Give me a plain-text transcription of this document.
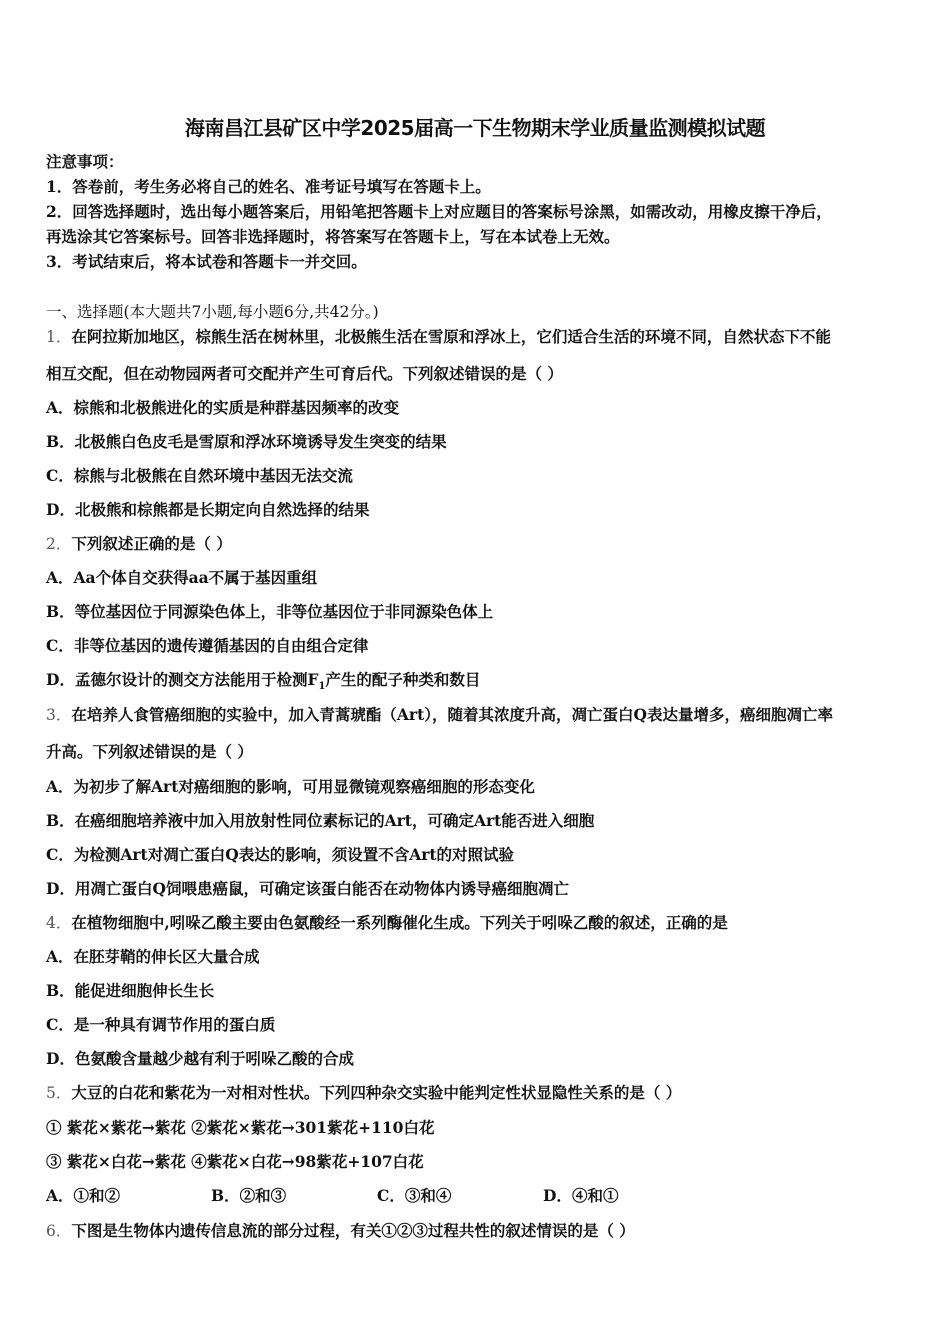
海南昌江县矿区中学2025届高一下生物期末学业质量监测模拟试题
注意事项：
1．答卷前，考生务必将自己的姓名、准考证号填写在答题卡上。
2．回答选择题时，选出每小题答案后，用铅笔把答题卡上对应题目的答案标号涂黑，如需改动，用橡皮擦干净后，
再选涂其它答案标号。回答非选择题时，将答案写在答题卡上，写在本试卷上无效。
3．考试结束后，将本试卷和答题卡一并交回。
一、选择题(本大题共7小题,每小题6分,共42分。)
1．在阿拉斯加地区，棕熊生活在树林里，北极熊生活在雪原和浮冰上，它们适合生活的环境不同，自然状态下不能
相互交配，但在动物园两者可交配并产生可育后代。下列叙述错误的是（ ）
A．棕熊和北极熊进化的实质是种群基因频率的改变
B．北极熊白色皮毛是雪原和浮冰环境诱导发生突变的结果
C．棕熊与北极熊在自然环境中基因无法交流
D．北极熊和棕熊都是长期定向自然选择的结果
2．下列叙述正确的是（ ）
A．Aa个体自交获得aa不属于基因重组
B．等位基因位于同源染色体上，非等位基因位于非同源染色体上
C．非等位基因的遗传遵循基因的自由组合定律
D．孟德尔设计的测交方法能用于检测$F_1$产生的配子种类和数目
3．在培养人食管癌细胞的实验中，加入青蒿琥酯（Art），随着其浓度升高，凋亡蛋白Q表达量增多，癌细胞凋亡率
升高。下列叙述错误的是（ ）
A．为初步了解Art对癌细胞的影响，可用显微镜观察癌细胞的形态变化
B．在癌细胞培养液中加入用放射性同位素标记的Art，可确定Art能否进入细胞
C．为检测Art对凋亡蛋白Q表达的影响，须设置不含Art的对照试验
D．用凋亡蛋白Q饲喂患癌鼠，可确定该蛋白能否在动物体内诱导癌细胞凋亡
4．在植物细胞中,吲哚乙酸主要由色氨酸经一系列酶催化生成。下列关于吲哚乙酸的叙述，正确的是
A．在胚芽鞘的伸长区大量合成
B．能促进细胞伸长生长
C．是一种具有调节作用的蛋白质
D．色氨酸含量越少越有利于吲哚乙酸的合成
5．大豆的白花和紫花为一对相对性状。下列四种杂交实验中能判定性状显隐性关系的是（ ）
① 紫花×紫花→紫花 ②紫花×紫花→301紫花+110白花
③ 紫花×白花→紫花 ④紫花×白花→98紫花+107白花
A．①和②	B．②和③	C．③和④	D．④和①
6．下图是生物体内遗传信息流的部分过程，有关①②③过程共性的叙述情误的是（ ）
